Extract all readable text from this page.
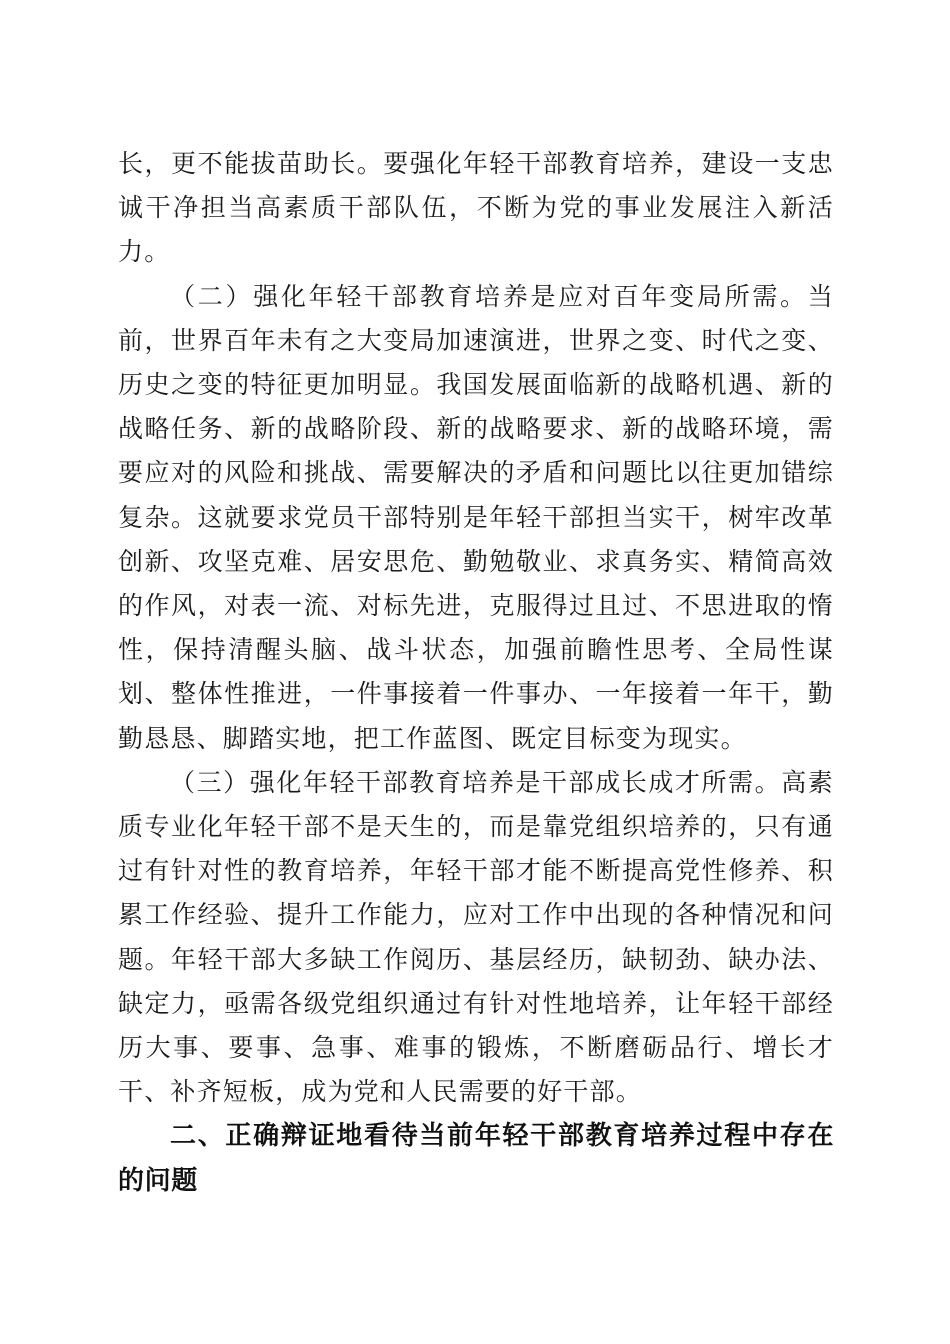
长，更不能拔苗助长。要强化年轻干部教育培养，建设一支忠诚干净担当高素质干部队伍，不断为党的事业发展注入新活力。

（二）强化年轻干部教育培养是应对百年变局所需。当前，世界百年未有之大变局加速演进，世界之变、时代之变、历史之变的特征更加明显。我国发展面临新的战略机遇、新的战略任务、新的战略阶段、新的战略要求、新的战略环境，需要应对的风险和挑战、需要解决的矛盾和问题比以往更加错综复杂。这就要求党员干部特别是年轻干部担当实干，树牢改革创新、攻坚克难、居安思危、勤勉敬业、求真务实、精简高效的作风，对表一流、对标先进，克服得过且过、不思进取的惰性，保持清醒头脑、战斗状态，加强前瞻性思考、全局性谋划、整体性推进，一件事接着一件事办、一年接着一年干，勤勤恳恳、脚踏实地，把工作蓝图、既定目标变为现实。

（三）强化年轻干部教育培养是干部成长成才所需。高素质专业化年轻干部不是天生的，而是靠党组织培养的，只有通过有针对性的教育培养，年轻干部才能不断提高党性修养、积累工作经验、提升工作能力，应对工作中出现的各种情况和问题。年轻干部大多缺工作阅历、基层经历，缺韧劲、缺办法、缺定力，亟需各级党组织通过有针对性地培养，让年轻干部经历大事、要事、急事、难事的锻炼，不断磨砺品行、增长才干、补齐短板，成为党和人民需要的好干部。

二、正确辩证地看待当前年轻干部教育培养过程中存在的问题
